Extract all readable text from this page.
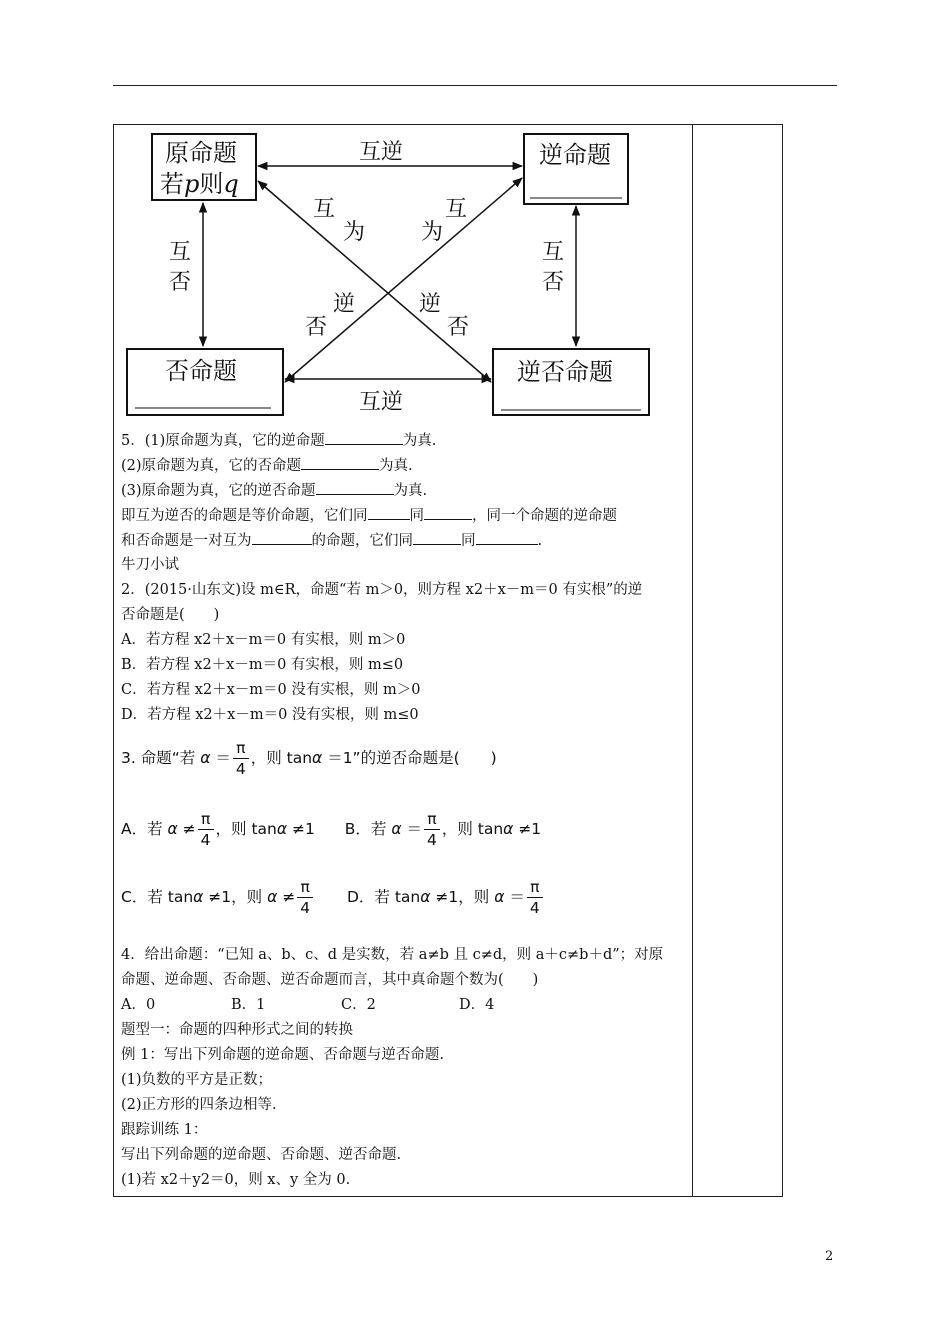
原命题
若p则q
逆命题
否命题	逆否命题
互逆
互逆
互
否
互
否
互
为
互
为
逆
否
逆
否
5．(1)原命题为真，它的逆命题	为真.
(2)原命题为真，它的否命题	为真.
(3)原命题为真，它的逆否命题	为真.
即互为逆否的命题是等价命题，它们同	同	，同一个命题的逆命题
和否命题是一对互为	的命题，它们同	同	.
牛刀小试
2．(2015·山东文)设 m∈R，命题“若 m＞0，则方程 x2＋x－m＝0 有实根”的逆
否命题是(　　)
A．若方程 x2＋x－m＝0 有实根，则 m＞0
B．若方程 x2＋x－m＝0 有实根，则 m≤0
C．若方程 x2＋x－m＝0 没有实根，则 m＞0
D．若方程 x2＋x－m＝0 没有实根，则 m≤0
3. 命题“若 $\alpha = \frac{\pi}{4}$ ，则 tanα ＝1”的逆否命题是(　　)
A．若 $\alpha \ne \frac{\pi}{4}$ ，则 tanα ≠1 B．若 $\alpha = \frac{\pi}{4}$ ，则 tanα ≠1
C．若 tanα ≠1，则 $\alpha \ne \frac{\pi}{4}$ D．若 tanα ≠1，则 $\alpha = \frac{\pi}{4}$
4．给出命题：“已知 a、b、c、d 是实数，若 a≠b 且 c≠d，则 a＋c≠b＋d”；对原
命题、逆命题、否命题、逆否命题而言，其中真命题个数为(　　)
A．0	B．1	C．2	D．4
题型一：命题的四种形式之间的转换
例 1：写出下列命题的逆命题、否命题与逆否命题.
(1)负数的平方是正数；
(2)正方形的四条边相等.
跟踪训练 1：
写出下列命题的逆命题、否命题、逆否命题.
(1)若 x2＋y2＝0，则 x、y 全为 0.
2
